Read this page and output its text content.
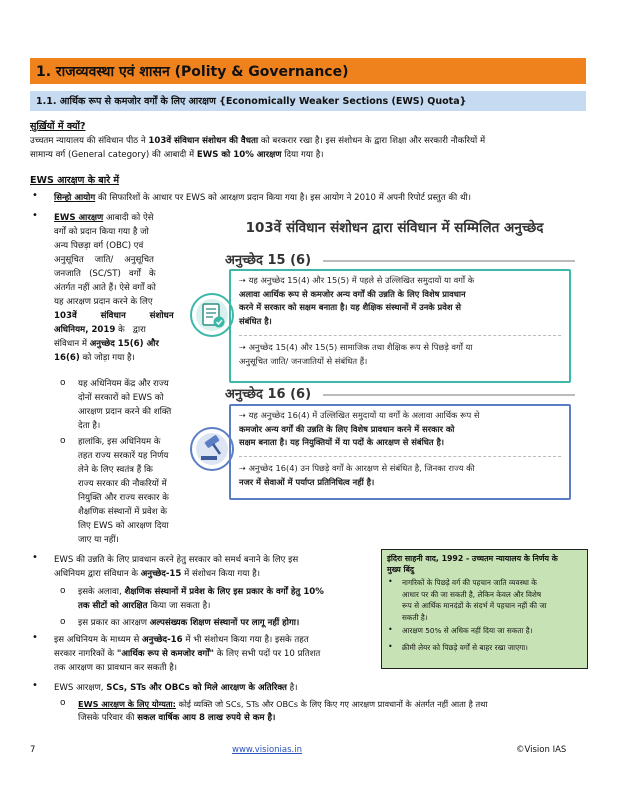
1. राजव्यवस्था एवं शासन (Polity & Governance)
1.1. आर्थिक रूप से कमजोर वर्गों के लिए आरक्षण {Economically Weaker Sections (EWS) Quota}
सुर्ख़ियों में क्यों?
उच्चतम न्यायालय की संविधान पीठ ने 103वें संविधान संशोधन की वैधता को बरकरार रखा है। इस संशोधन के द्वारा शिक्षा और सरकारी नौकरियों में
सामान्य वर्ग (General category) की आबादी में EWS को 10% आरक्षण दिया गया है।
EWS आरक्षण के बारे में
• सिन्हो आयोग की सिफारिशों के आधार पर EWS को आरक्षण प्रदान किया गया है। इस आयोग ने 2010 में अपनी रिपोर्ट प्रस्तुत की थी।
• EWS आरक्षण आबादी को ऐसे
वर्गों को प्रदान किया गया है जो
अन्य पिछड़ा वर्ग (OBC) एवं
अनुसूचित    जाति/    अनुसूचित
जनजाति   (SC/ST)   वर्गों   के
अंतर्गत नहीं आते हैं। ऐसे वर्गों को
यह आरक्षण प्रदान करने के लिए
103वें        संविधान        संशोधन
अधिनियम, 2019 के   द्वारा
संविधान में अनुच्छेद 15(6) और
16(6) को जोड़ा गया है।
o यह अधिनियम केंद्र और राज्य
दोनों सरकारों को EWS को
आरक्षण प्रदान करने की शक्ति
देता है।
o हालांकि, इस अधिनियम के
तहत राज्य सरकारें यह निर्णय
लेने के लिए स्वतंत्र हैं कि
राज्य सरकार की नौकरियों में
नियुक्ति और राज्य सरकार के
शैक्षणिक संस्थानों में प्रवेश के
लिए EWS को आरक्षण दिया
जाए या नहीं।
103वें संविधान संशोधन द्वारा संविधान में सम्मिलित अनुच्छेद
अनुच्छेद 15 (6)
⇢ यह अनुच्छेद 15(4) और 15(5) में पहले से उल्लिखित समुदायों या वर्गों के
अलावा आर्थिक रूप से कमजोर अन्य वर्गों की उन्नति के लिए विशेष प्रावधान
करने में सरकार को सक्षम बनाता है। यह शैक्षिक संस्थानों में उनके प्रवेश से
संबंधित है।
⇢ अनुच्छेद 15(4) और 15(5) सामाजिक तथा शैक्षिक रूप से पिछड़े वर्गों या
अनुसूचित जाति/ जनजातियों से संबंधित हैं।
अनुच्छेद 16 (6)
⇢ यह अनुच्छेद 16(4) में उल्लिखित समुदायों या वर्गों के अलावा आर्थिक रूप से
कमजोर अन्य वर्गों की उन्नति के लिए विशेष प्रावधान करने में सरकार को
सक्षम बनाता है। यह नियुक्तियों में या पदों के आरक्षण से संबंधित है।
⇢ अनुच्छेद 16(4) उन पिछड़े वर्गों के आरक्षण से संबंधित है, जिनका राज्य की
नजर में सेवाओं में पर्याप्त प्रतिनिधित्व नहीं है।
• EWS की उन्नति के लिए प्रावधान करने हेतु सरकार को समर्थ बनाने के लिए इस
अधिनियम द्वारा संविधान के अनुच्छेद-15 में संशोधन किया गया है।
o इसके अलावा, शैक्षणिक संस्थानों में प्रवेश के लिए इस प्रकार के वर्गों हेतु 10%
तक सीटों को आरक्षित किया जा सकता है।
o इस प्रकार का आरक्षण अल्पसंख्यक शिक्षण संस्थानों पर लागू नहीं होगा।
• इस अधिनियम के माध्यम से अनुच्छेद-16 में भी संशोधन किया गया है। इसके तहत
सरकार नागरिकों के "आर्थिक रूप से कमजोर वर्गों" के लिए सभी पदों पर 10 प्रतिशत
तक आरक्षण का प्रावधान कर सकती है।
इंदिरा साहनी वाद, 1992 - उच्चतम न्यायालय के निर्णय के
मुख्य बिंदु
• नागरिकों के पिछड़े वर्ग की पहचान जाति व्यवस्था के
आधार पर की जा सकती है, लेकिन केवल और विशेष
रूप से आर्थिक मानदंडों के संदर्भ में पहचान नहीं की जा
सकती है।
• आरक्षण 50% से अधिक नहीं दिया जा सकता है।
• क्रीमी लेयर को पिछड़े वर्गों से बाहर रखा जाएगा।
• EWS आरक्षण, SCs, STs और OBCs को मिले आरक्षण के अतिरिक्त है।
o EWS आरक्षण के लिए योग्यता: कोई व्यक्ति जो SCs, STs और OBCs के लिए किए गए आरक्षण प्रावधानों के अंतर्गत नहीं आता है तथा
जिसके परिवार की सकल वार्षिक आय 8 लाख रुपये से कम है।
7	www.visionias.in	©Vision IAS
